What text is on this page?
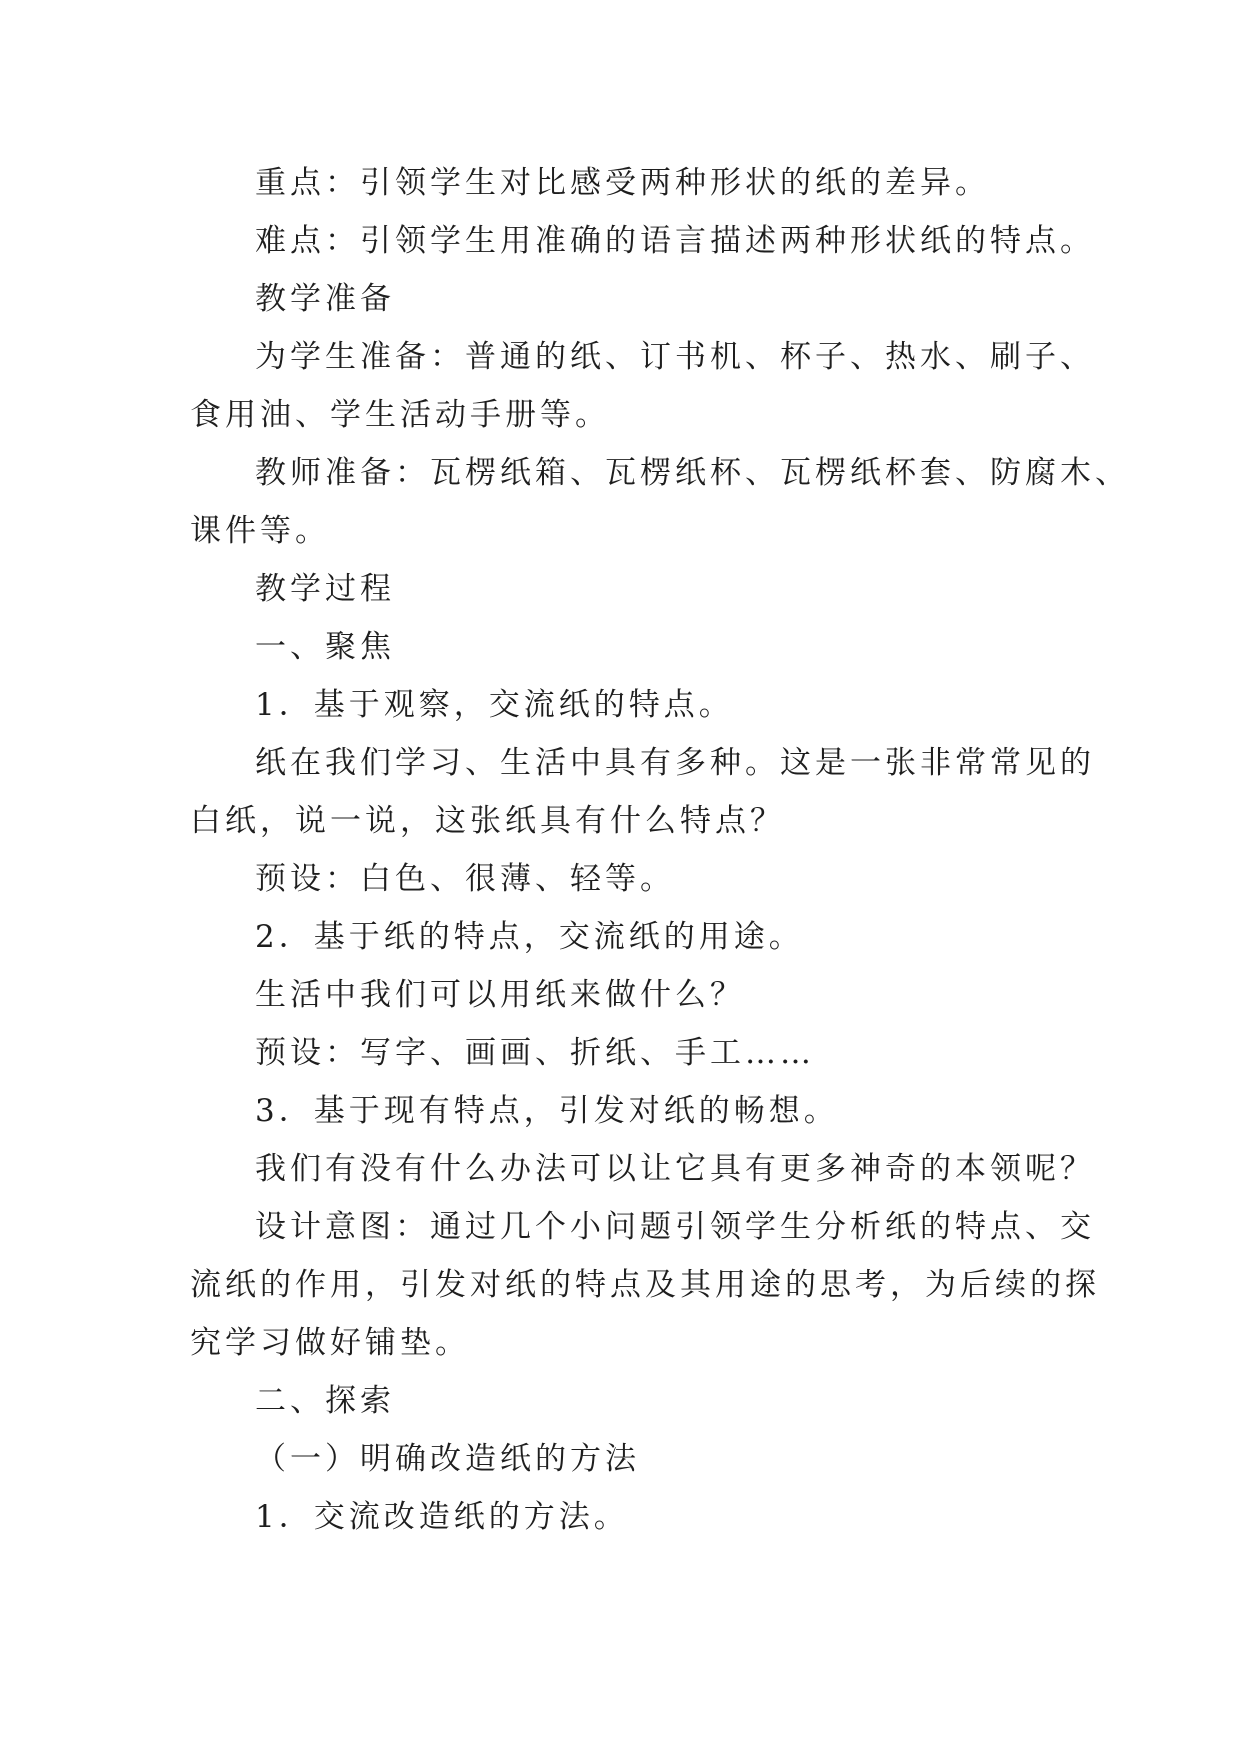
重点：引领学生对比感受两种形状的纸的差异。

难点：引领学生用准确的语言描述两种形状纸的特点。

教学准备

为学生准备：普通的纸、订书机、杯子、热水、刷子、

食用油、学生活动手册等。

教师准备：瓦楞纸箱、瓦楞纸杯、瓦楞纸杯套、防腐木、

课件等。

教学过程

一、聚焦

1．基于观察，交流纸的特点。

纸在我们学习、生活中具有多种。这是一张非常常见的

白纸，说一说，这张纸具有什么特点？

预设：白色、很薄、轻等。

2．基于纸的特点，交流纸的用途。

生活中我们可以用纸来做什么？

预设：写字、画画、折纸、手工……

3．基于现有特点，引发对纸的畅想。

我们有没有什么办法可以让它具有更多神奇的本领呢？

设计意图：通过几个小问题引领学生分析纸的特点、交

流纸的作用，引发对纸的特点及其用途的思考，为后续的探

究学习做好铺垫。

二、探索

（一）明确改造纸的方法

1．交流改造纸的方法。
